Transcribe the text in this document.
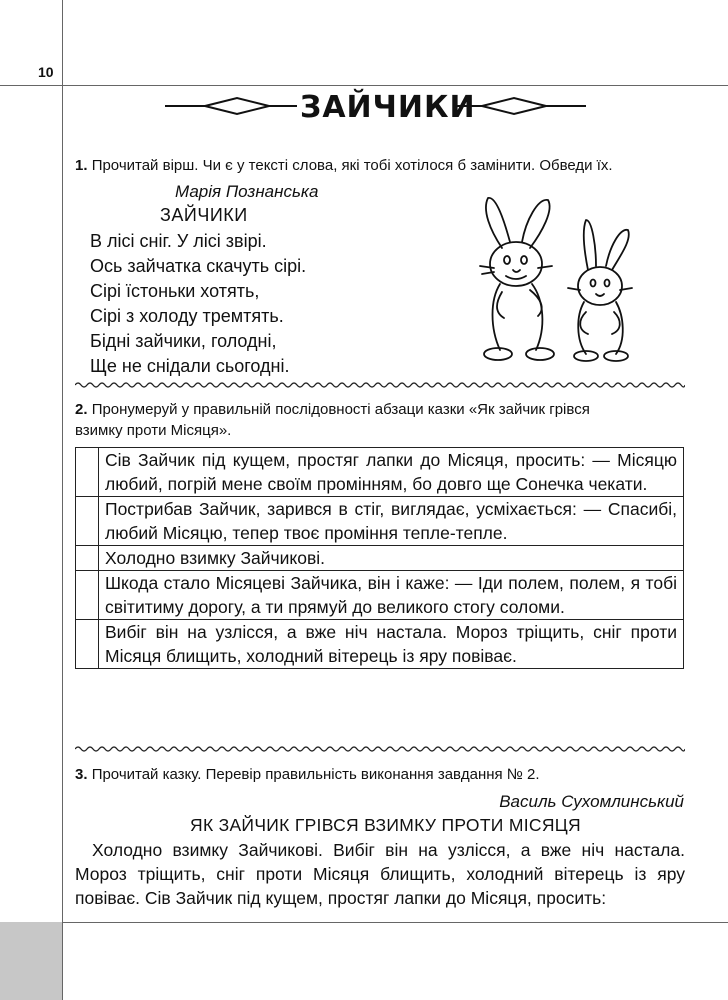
10
ЗАЙЧИКИ
1. Прочитай вірш. Чи є у тексті слова, які тобі хотілося б замінити. Обведи їх.
Марія Познанська
ЗАЙЧИКИ
В лісі сніг. У лісі звірі.
Ось зайчатка скачуть сірі.
Сірі їстоньки хотять,
Сірі з холоду тремтять.
Бідні зайчики, голодні,
Ще не снідали сьогодні.
2. Пронумеруй у правильній послідовності абзаци казки «Як зайчик грівся
взимку проти Місяця».
	Сів Зайчик під кущем, простяг лапки до Місяця, просить: — Місяцю любий, погрій мене своїм промінням, бо довго ще Сонечка чекати.
	Пострибав Зайчик, зарився в стіг, виглядає, усміхається: — Спасибі, любий Місяцю, тепер твоє проміння тепле-тепле.
	Холодно взимку Зайчикові.
	Шкода стало Місяцеві Зайчика, він і каже: — Іди полем, полем, я тобі світитиму дорогу, а ти прямуй до великого стогу соломи.
	Вибіг він на узлісся, а вже ніч настала. Мороз тріщить, сніг проти Місяця блищить, холодний вітерець із яру повіває.
3. Прочитай казку. Перевір правильність виконання завдання № 2.
Василь Сухомлинський
ЯК ЗАЙЧИК ГРІВСЯ ВЗИМКУ ПРОТИ МІСЯЦЯ
Холодно взимку Зайчикові. Вибіг він на узлісся, а вже ніч настала. Мороз тріщить, сніг проти Місяця блищить, холодний вітерець із яру повіває. Сів Зайчик під кущем, простяг лапки до Місяця, просить:
